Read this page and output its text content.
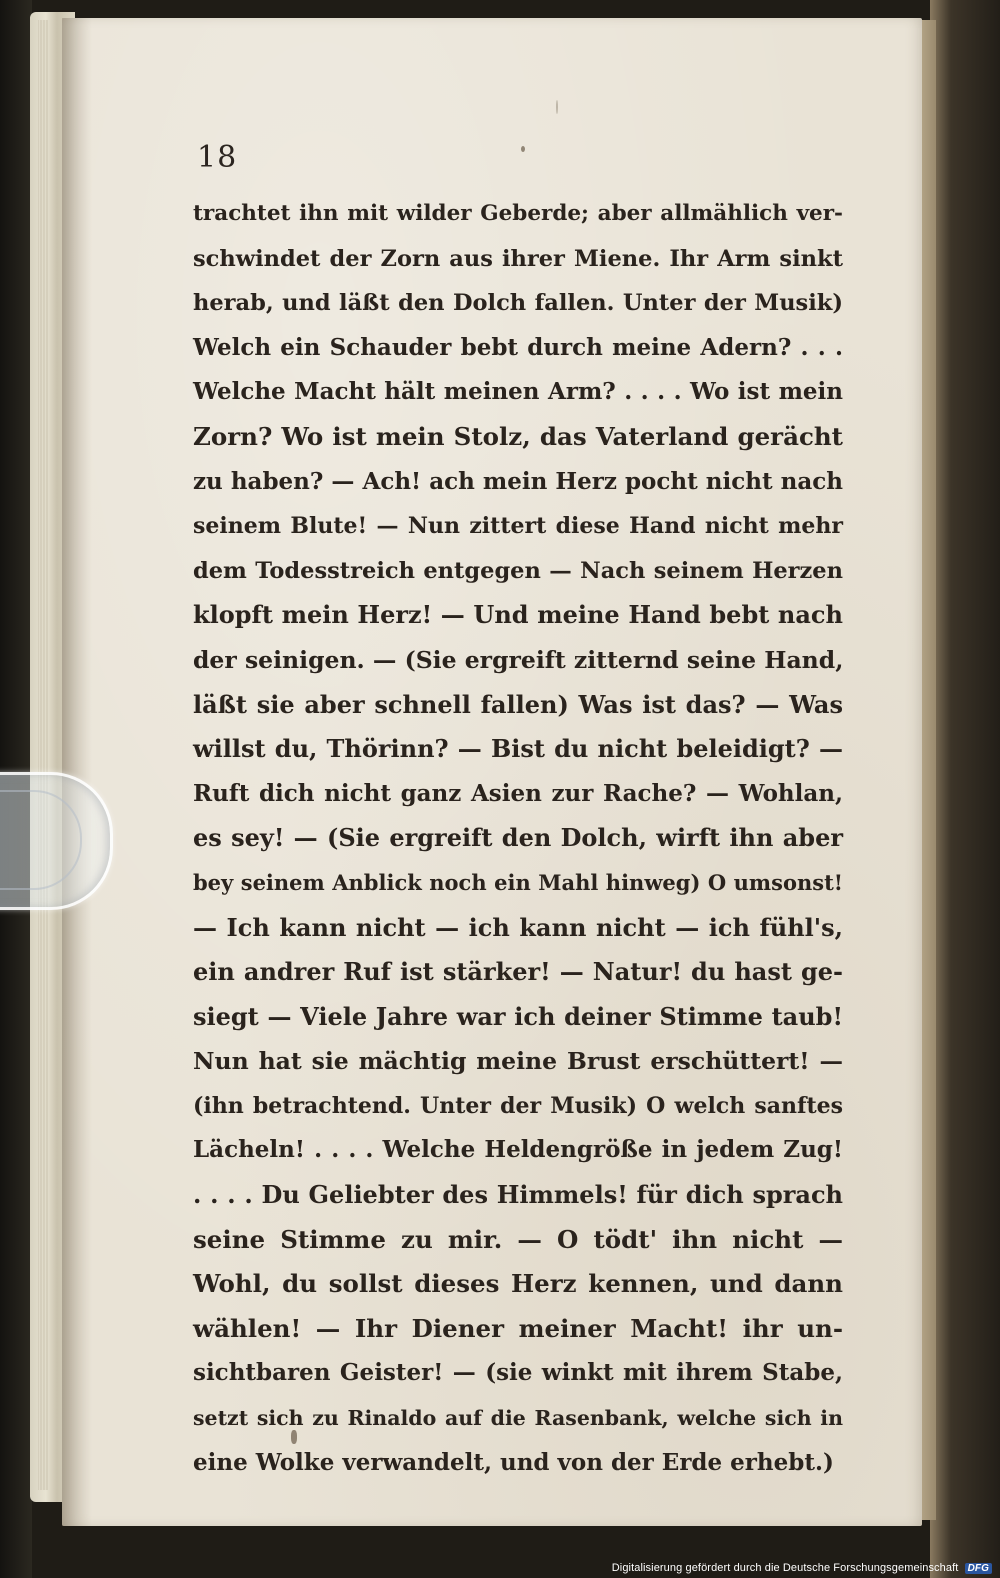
18
trachtet ihn mit wilder Geberde; aber allmählich ver-
schwindet der Zorn aus ihrer Miene. Ihr Arm sinkt
herab, und läßt den Dolch fallen. Unter der Musik)
Welch ein Schauder bebt durch meine Adern? . . .
Welche Macht hält meinen Arm? . . . . Wo ist mein
Zorn? Wo ist mein Stolz, das Vaterland gerächt
zu haben? — Ach! ach mein Herz pocht nicht nach
seinem Blute! — Nun zittert diese Hand nicht mehr
dem Todesstreich entgegen — Nach seinem Herzen
klopft mein Herz! — Und meine Hand bebt nach
der seinigen. — (Sie ergreift zitternd seine Hand,
läßt sie aber schnell fallen) Was ist das? — Was
willst du, Thörinn? — Bist du nicht beleidigt? —
Ruft dich nicht ganz Asien zur Rache? — Wohlan,
es sey! — (Sie ergreift den Dolch, wirft ihn aber
bey seinem Anblick noch ein Mahl hinweg) O umsonst!
— Ich kann nicht — ich kann nicht — ich fühl's,
ein andrer Ruf ist stärker! — Natur! du hast ge-
siegt — Viele Jahre war ich deiner Stimme taub!
Nun hat sie mächtig meine Brust erschüttert! —
(ihn betrachtend. Unter der Musik) O welch sanftes
Lächeln! . . . . Welche Heldengröße in jedem Zug!
. . . . Du Geliebter des Himmels! für dich sprach
seine Stimme zu mir. — O tödt' ihn nicht —
Wohl, du sollst dieses Herz kennen, und dann
wählen! — Ihr Diener meiner Macht! ihr un-
sichtbaren Geister! — (sie winkt mit ihrem Stabe,
setzt sich zu Rinaldo auf die Rasenbank, welche sich in
eine Wolke verwandelt, und von der Erde erhebt.)
Digitalisierung gefördert durch die Deutsche Forschungsgemeinschaft DFG
